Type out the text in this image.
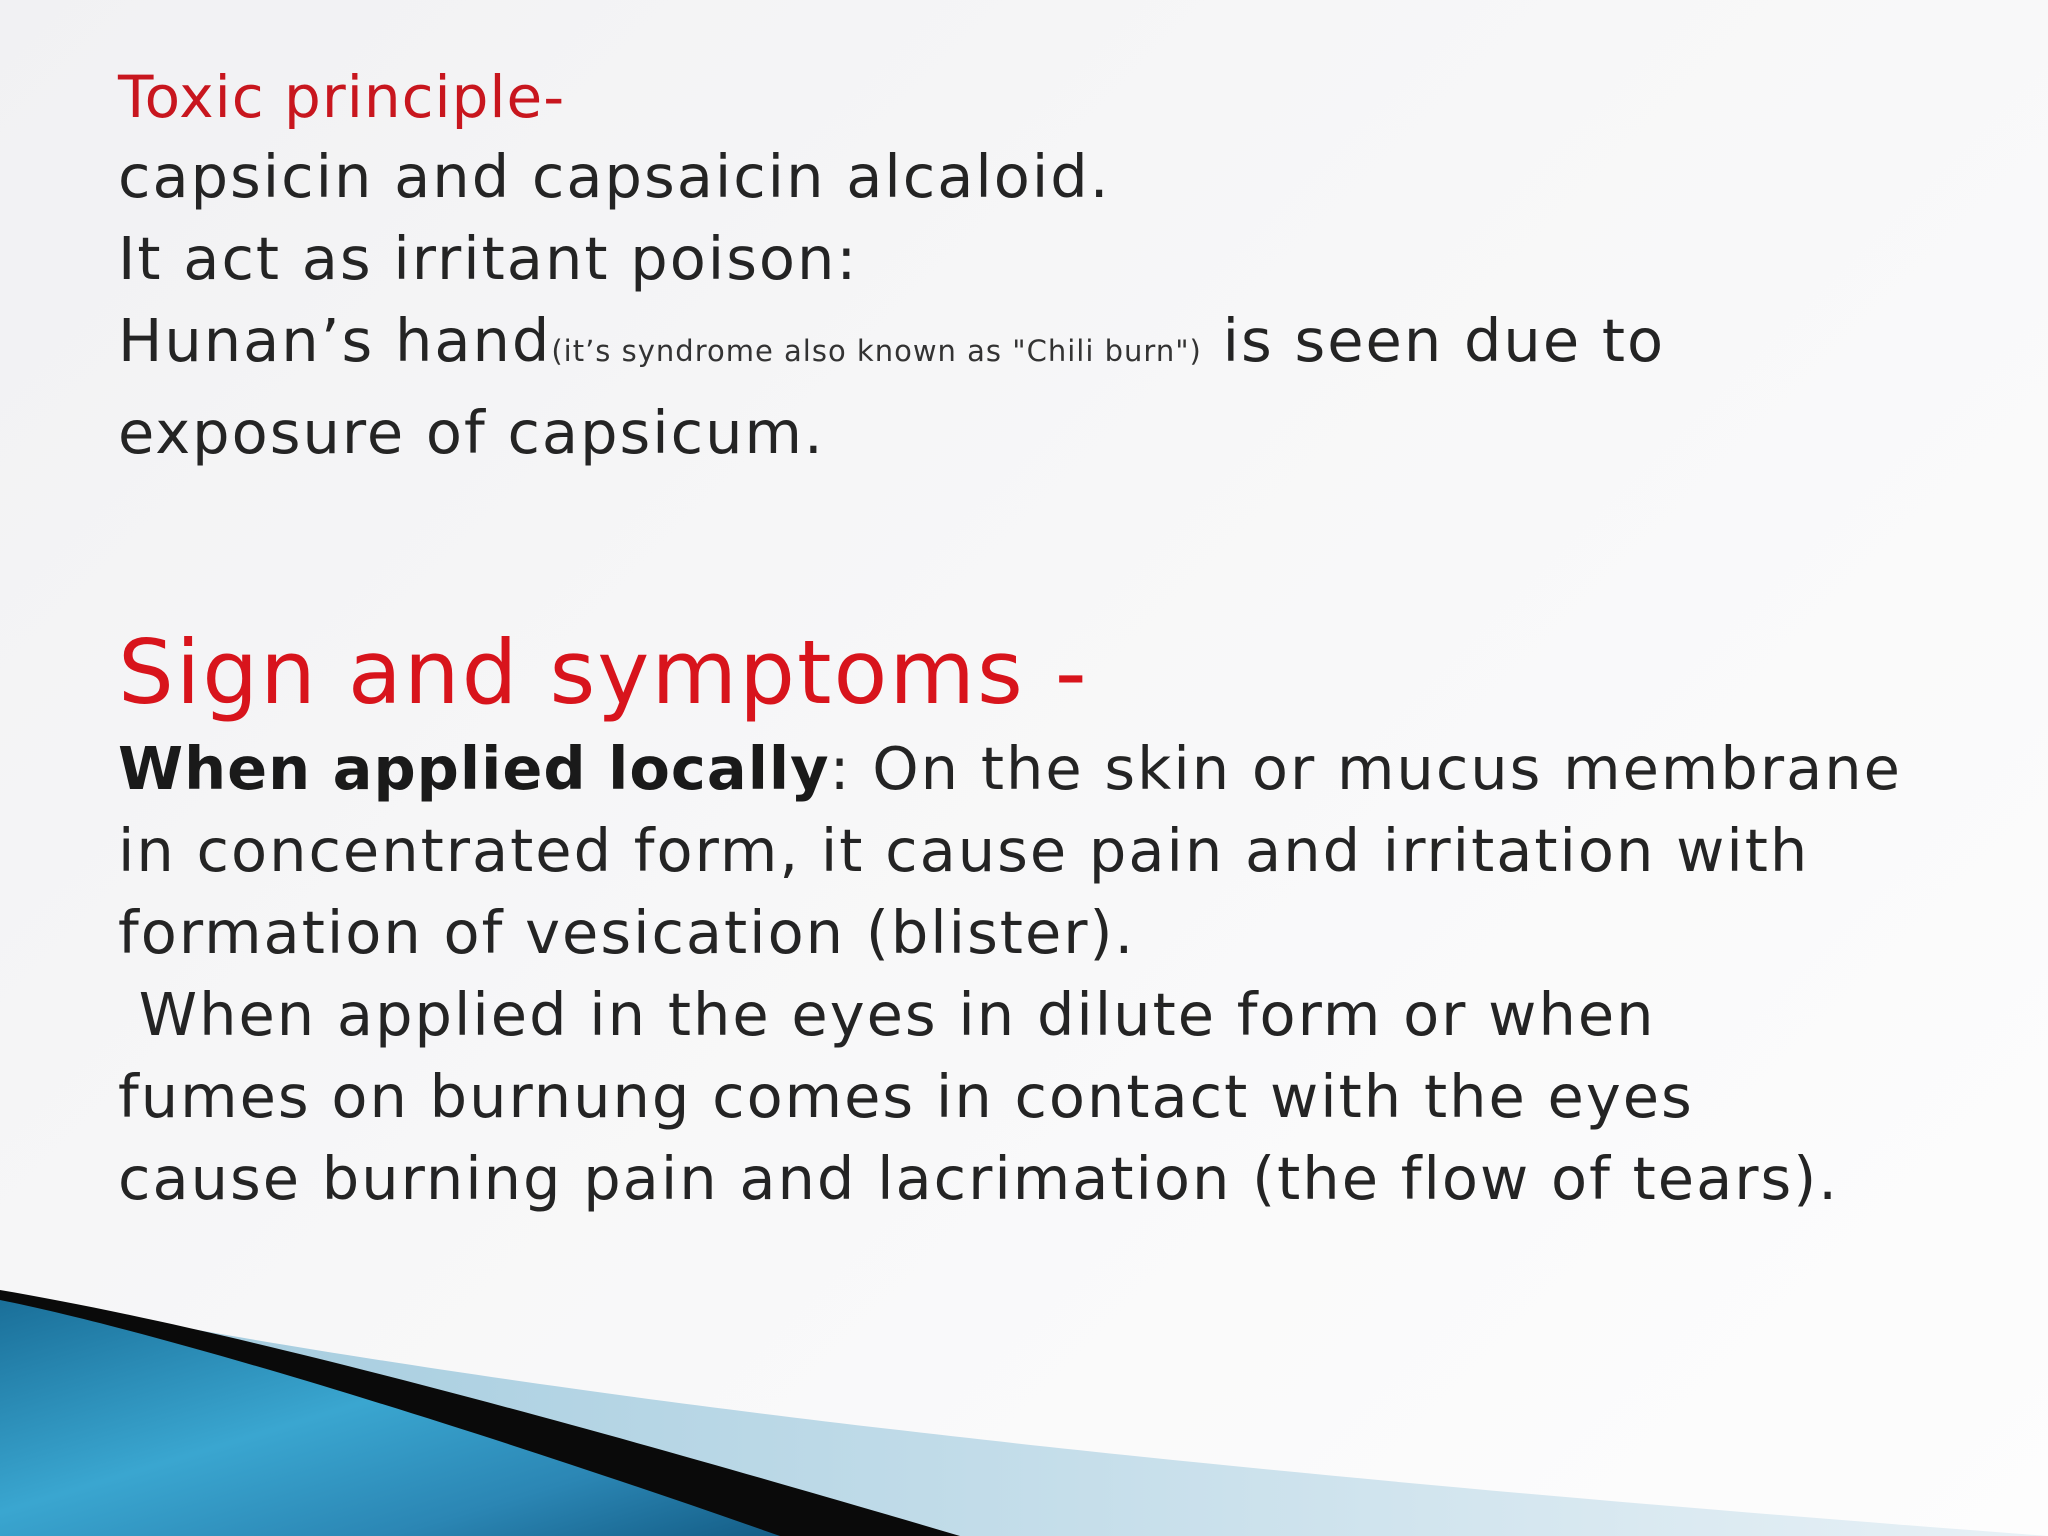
Toxic principle-

capsicin and capsaicin alcaloid.

It act as irritant poison:

Hunan’s hand(it’s syndrome also known as "Chili burn") is seen due to

exposure of capsicum.

Sign and symptoms -

When applied locally: On the skin or mucus membrane

in concentrated form, it cause pain and irritation with

formation of vesication (blister).

When applied in the eyes in dilute form or when

fumes on burnung comes in contact with the eyes

cause burning pain and lacrimation (the flow of tears).
